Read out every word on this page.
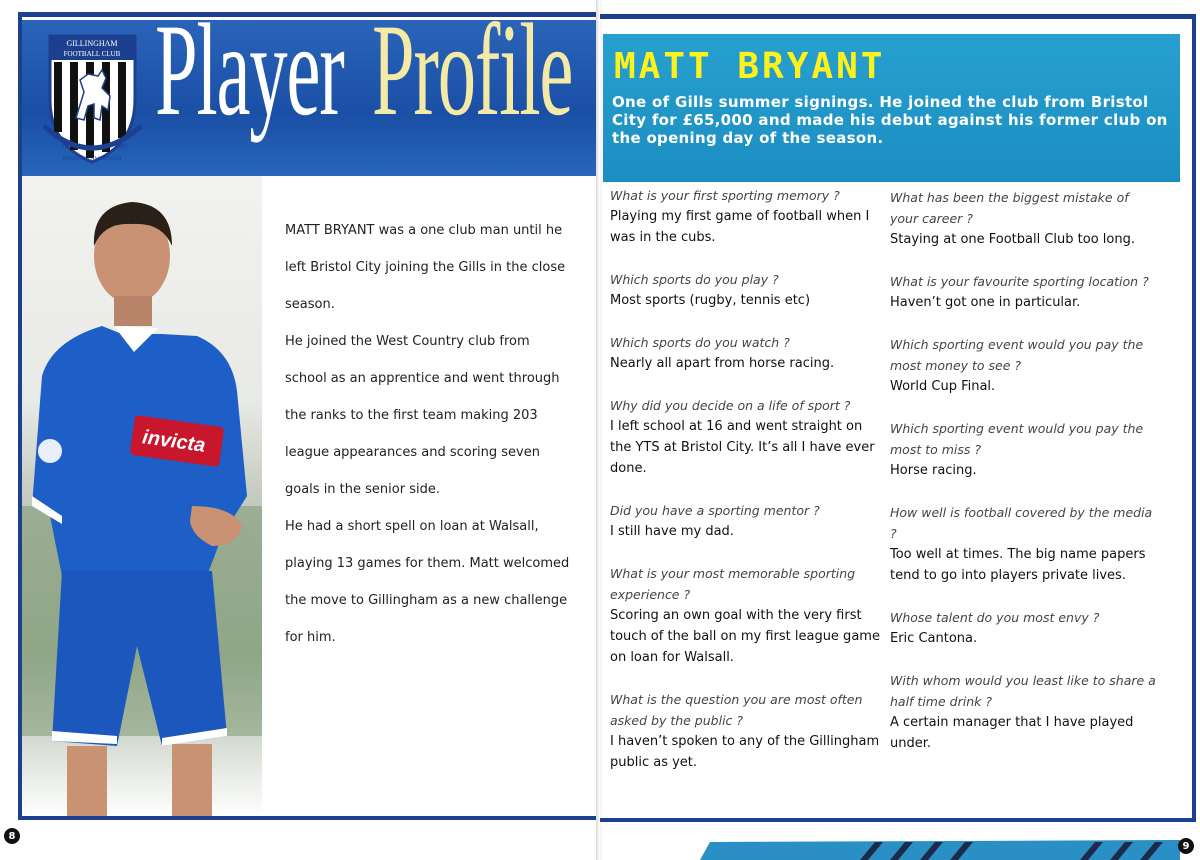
GILLINGHAM
FOOTBALL CLUB
EST.	1893
DOMUS CLAMANTIUM
Player Profile
invicta

MATT BRYANT was a one club man until he left Bristol City joining the Gills in the close season.

He joined the West Country club from school as an apprentice and went through the ranks to the first team making 203 league appearances and scoring seven goals in the senior side.

He had a short spell on loan at Walsall, playing 13 games for them. Matt welcomed the move to Gillingham as a new challenge for him.

8
MATT BRYANT
One of Gills summer signings. He joined the club from Bristol City for £65,000 and made his debut against his former club on the opening day of the season.
What is your first sporting memory ?
Playing my first game of football when I was in the cubs.
Which sports do you play ?
Most sports (rugby, tennis etc)
Which sports do you watch ?
Nearly all apart from horse racing.
Why did you decide on a life of sport ?
I left school at 16 and went straight on the YTS at Bristol City. It’s all I have ever done.
Did you have a sporting mentor ?
I still have my dad.
What is your most memorable sporting experience ?
Scoring an own goal with the very first touch of the ball on my first league game on loan for Walsall.
What is the question you are most often asked by the public ?
I haven’t spoken to any of the Gillingham public as yet.
What has been the biggest mistake of your career ?
Staying at one Football Club too long.
What is your favourite sporting location ?
Haven’t got one in particular.
Which sporting event would you pay the most money to see ?
World Cup Final.
Which sporting event would you pay the most to miss ?
Horse racing.
How well is football covered by the media ?
Too well at times. The big name papers tend to go into players private lives.
Whose talent do you most envy ?
Eric Cantona.
With whom would you least like to share a half time drink ?
A certain manager that I have played under.
9
